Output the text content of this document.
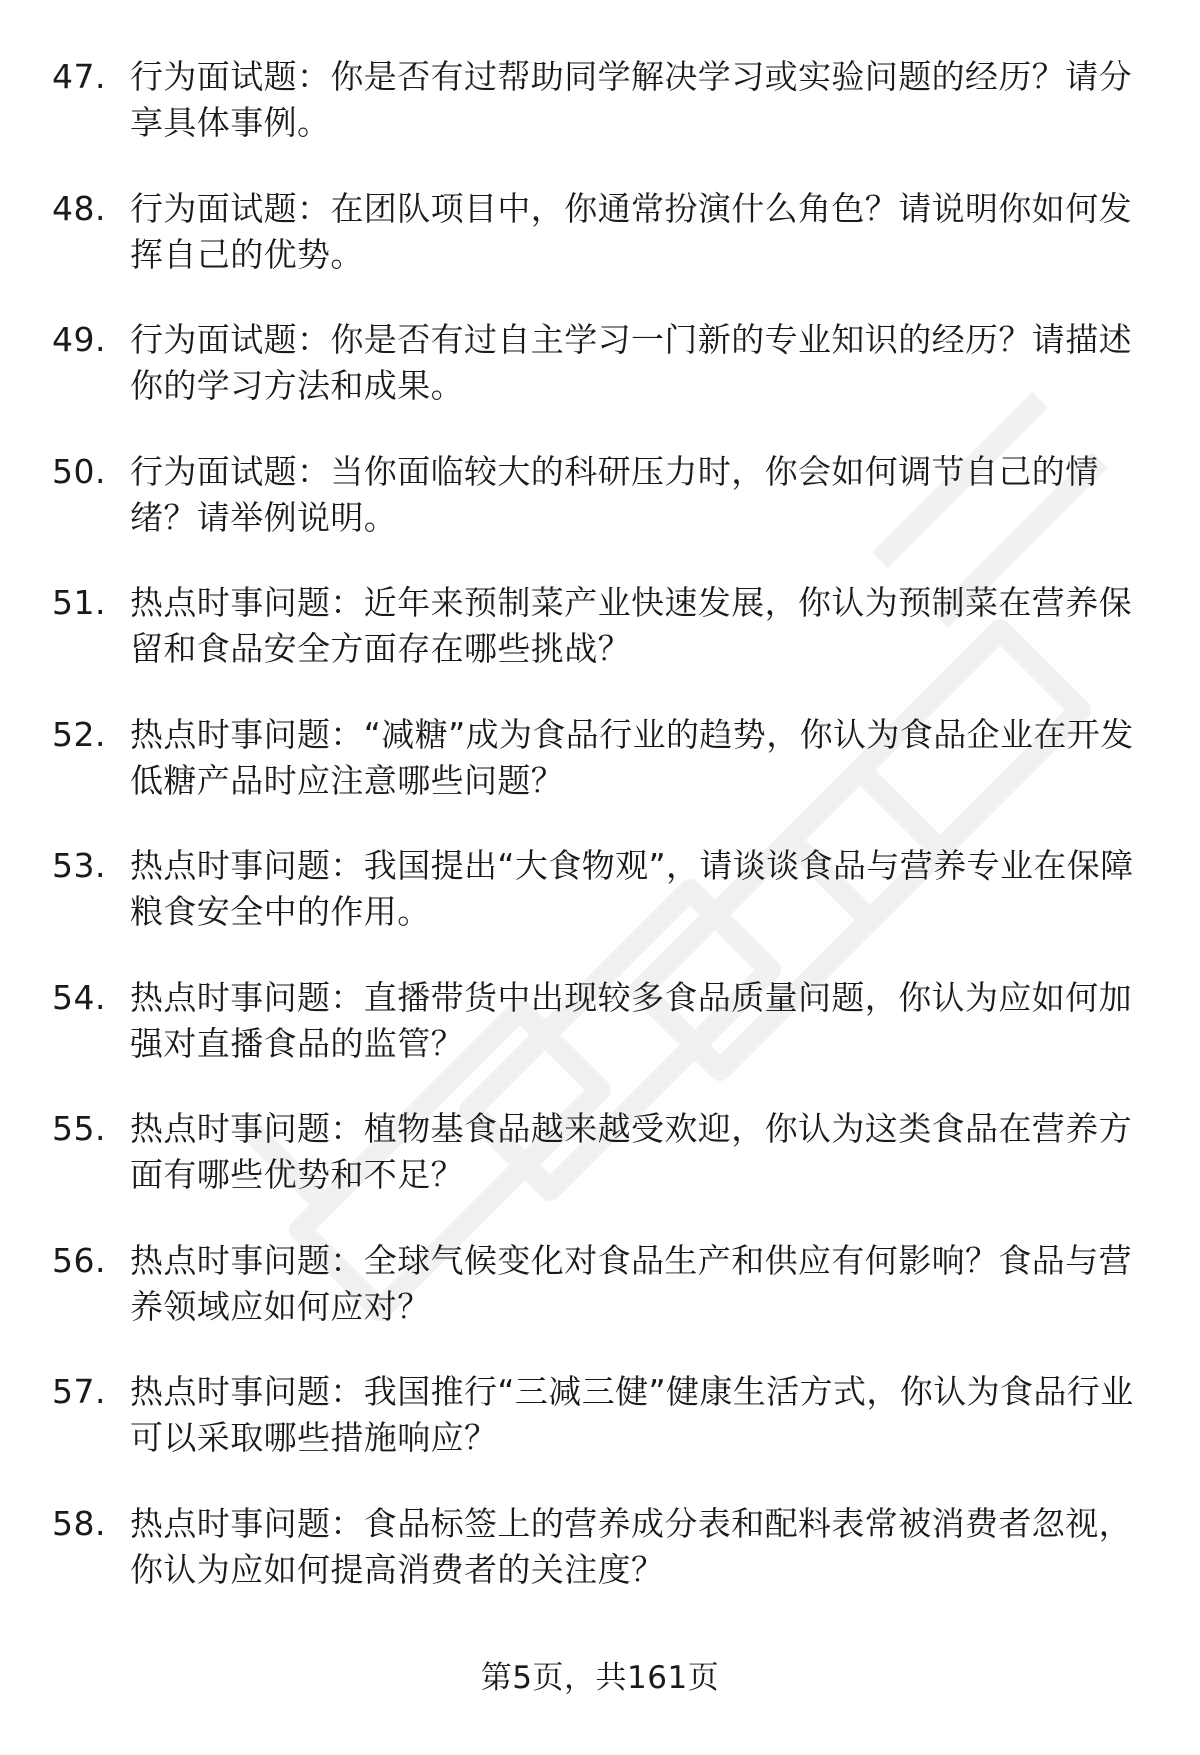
47. 行为面试题：你是否有过帮助同学解决学习或实验问题的经历？请分享具体事例。
48. 行为面试题：在团队项目中，你通常扮演什么角色？请说明你如何发挥自己的优势。
49. 行为面试题：你是否有过自主学习一门新的专业知识的经历？请描述你的学习方法和成果。
50. 行为面试题：当你面临较大的科研压力时，你会如何调节自己的情绪？请举例说明。
51. 热点时事问题：近年来预制菜产业快速发展，你认为预制菜在营养保留和食品安全方面存在哪些挑战？
52. 热点时事问题：“减糖”成为食品行业的趋势，你认为食品企业在开发低糖产品时应注意哪些问题？
53. 热点时事问题：我国提出“大食物观”，请谈谈食品与营养专业在保障粮食安全中的作用。
54. 热点时事问题：直播带货中出现较多食品质量问题，你认为应如何加强对直播食品的监管？
55. 热点时事问题：植物基食品越来越受欢迎，你认为这类食品在营养方面有哪些优势和不足？
56. 热点时事问题：全球气候变化对食品生产和供应有何影响？食品与营养领域应如何应对？
57. 热点时事问题：我国推行“三减三健”健康生活方式，你认为食品行业可以采取哪些措施响应？
58. 热点时事问题：食品标签上的营养成分表和配料表常被消费者忽视，你认为应如何提高消费者的关注度？
第5页，共161页
